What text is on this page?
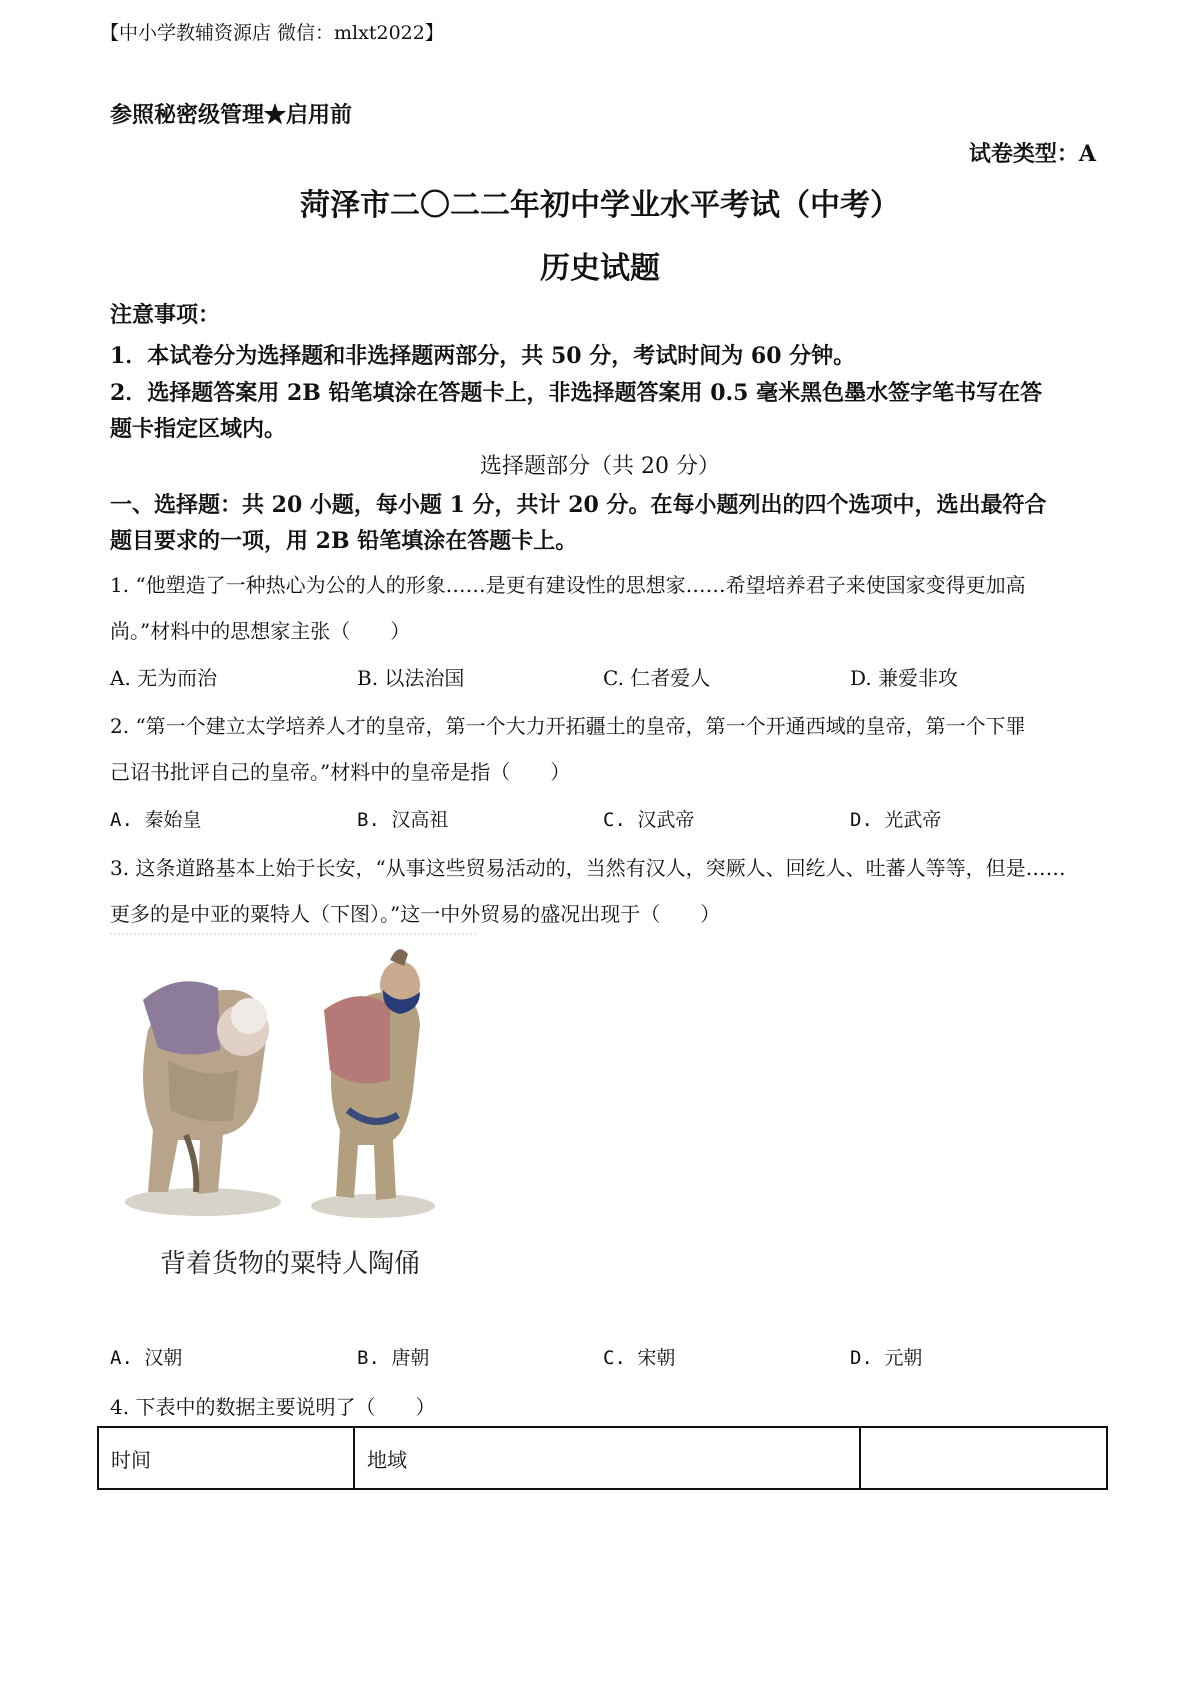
【中小学教辅资源店 微信：mlxt2022】
参照秘密级管理★启用前
试卷类型：A
菏泽市二〇二二年初中学业水平考试（中考）
历史试题
注意事项：
1．本试卷分为选择题和非选择题两部分，共 50 分，考试时间为 60 分钟。
2．选择题答案用 2B 铅笔填涂在答题卡上，非选择题答案用 0.5 毫米黑色墨水签字笔书写在答
题卡指定区域内。
选择题部分（共 20 分）
一、选择题：共 20 小题，每小题 1 分，共计 20 分。在每小题列出的四个选项中，选出最符合
题目要求的一项，用 2B 铅笔填涂在答题卡上。
1. “他塑造了一种热心为公的人的形象……是更有建设性的思想家……希望培养君子来使国家变得更加高
尚。”材料中的思想家主张（　　）
A. 无为而治	B. 以法治国	C. 仁者爱人	D. 兼爱非攻
2. “第一个建立太学培养人才的皇帝，第一个大力开拓疆土的皇帝，第一个开通西域的皇帝，第一个下罪
己诏书批评自己的皇帝。”材料中的皇帝是指（　　）
A. 秦始皇	B. 汉高祖	C. 汉武帝	D. 光武帝
3. 这条道路基本上始于长安，“从事这些贸易活动的，当然有汉人，突厥人、回纥人、吐蕃人等等，但是……
更多的是中亚的粟特人（下图）。”这一中外贸易的盛况出现于（　　）
背着货物的粟特人陶俑
A. 汉朝	B. 唐朝	C. 宋朝	D. 元朝
4. 下表中的数据主要说明了（　　）
时间	地域	
